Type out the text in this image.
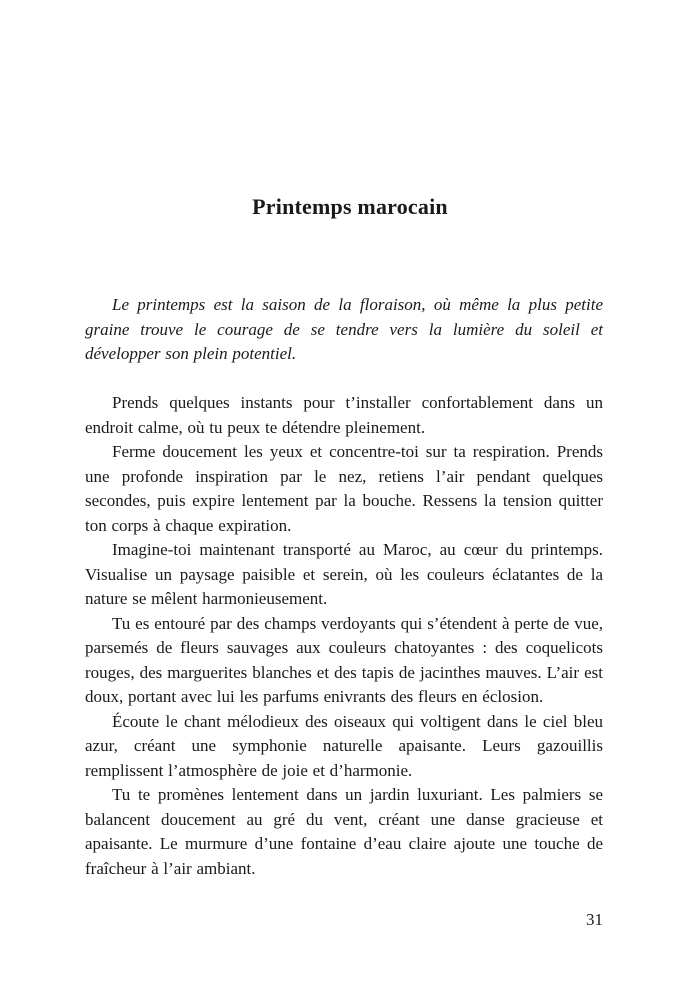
Printemps marocain

Le printemps est la saison de la floraison, où même la plus petite graine trouve le courage de se tendre vers la lumière du soleil et développer son plein potentiel.

Prends quelques instants pour t’installer confortablement dans un endroit calme, où tu peux te détendre pleinement.

Ferme doucement les yeux et concentre-toi sur ta respiration. Prends une profonde inspiration par le nez, retiens l’air pendant quelques secondes, puis expire lentement par la bouche. Ressens la tension quitter ton corps à chaque expiration.

Imagine-toi maintenant transporté au Maroc, au cœur du printemps. Visualise un paysage paisible et serein, où les couleurs éclatantes de la nature se mêlent harmonieusement.

Tu es entouré par des champs verdoyants qui s’étendent à perte de vue, parsemés de fleurs sauvages aux couleurs chatoyantes : des coquelicots rouges, des marguerites blanches et des tapis de jacinthes mauves. L’air est doux, portant avec lui les parfums enivrants des fleurs en éclosion.

Écoute le chant mélodieux des oiseaux qui voltigent dans le ciel bleu azur, créant une symphonie naturelle apaisante. Leurs gazouillis remplissent l’atmosphère de joie et d’harmonie.

Tu te promènes lentement dans un jardin luxuriant. Les palmiers se balancent doucement au gré du vent, créant une danse gracieuse et apaisante. Le murmure d’une fontaine d’eau claire ajoute une touche de fraîcheur à l’air ambiant.

31
